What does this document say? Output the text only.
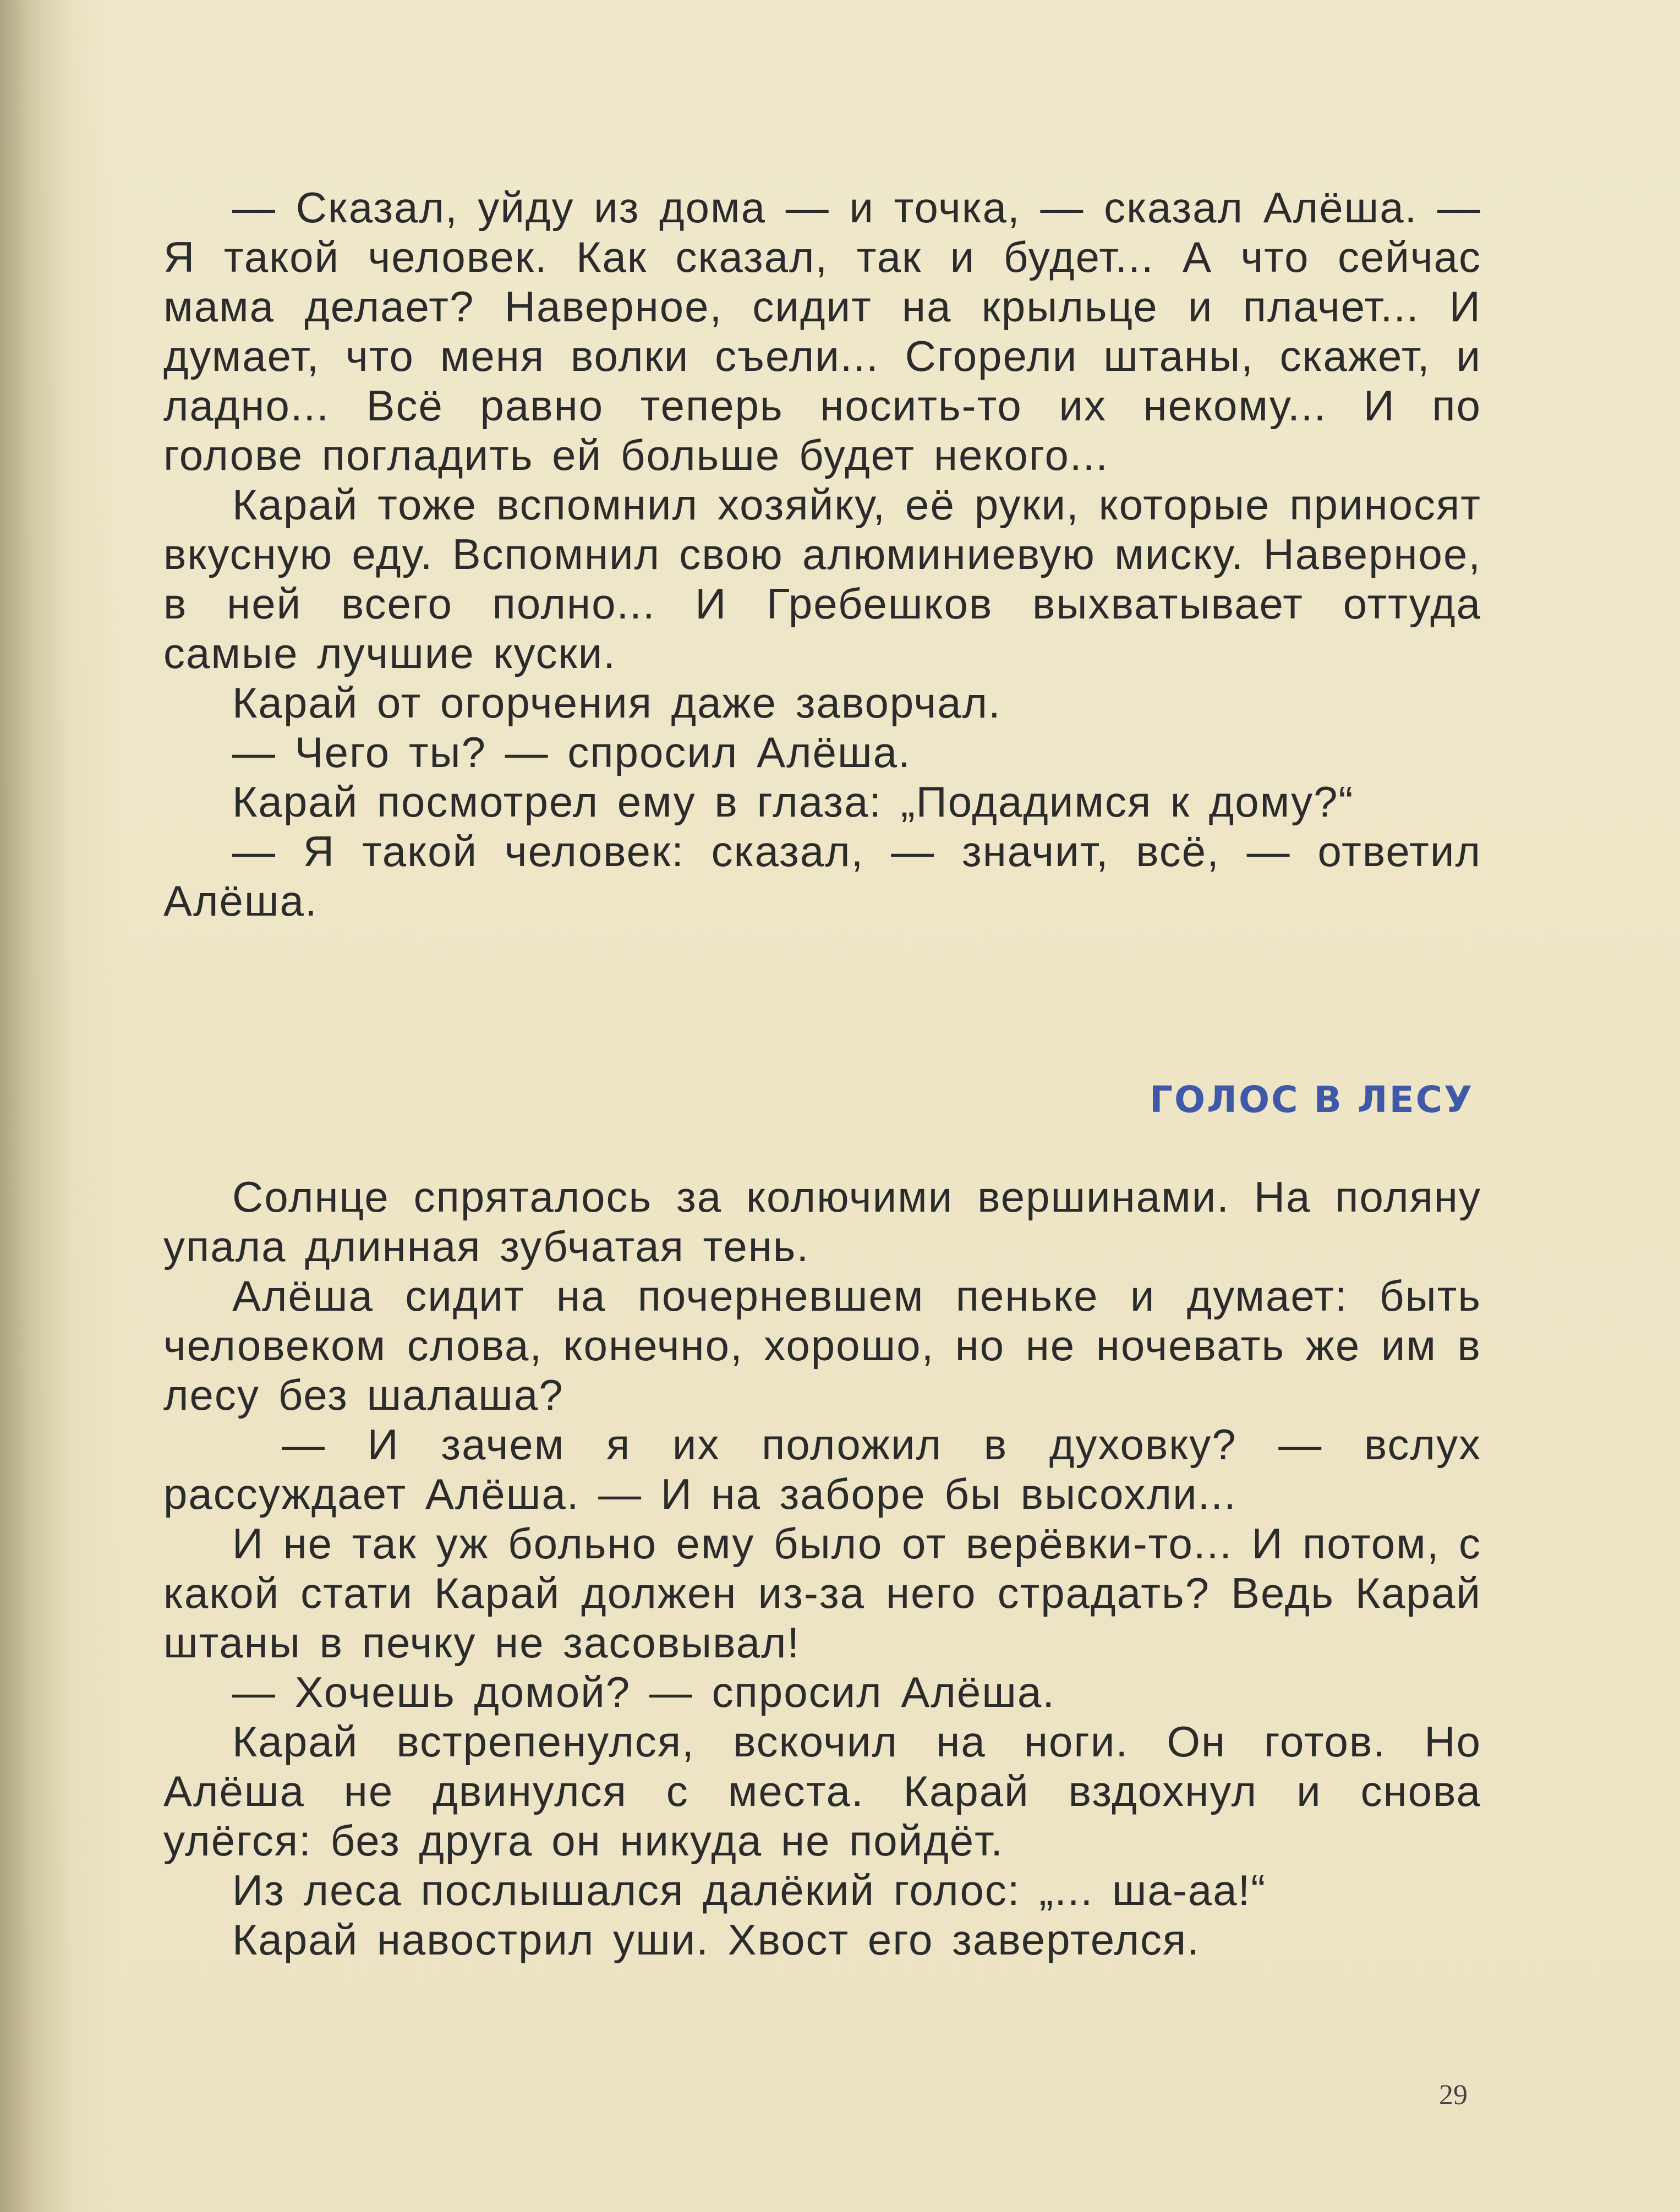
— Сказал, уйду из дома — и точка, — сказал Алёша. — Я такой человек. Как сказал, так и будет... А что сейчас мама делает? Наверное, сидит на крыльце и плачет... И думает, что меня волки съели... Сгорели штаны, скажет, и ладно... Всё равно теперь носить-то их некому... И по голове погладить ей больше будет некого...

Карай тоже вспомнил хозяйку, её руки, которые приносят вкусную еду. Вспомнил свою алюминиевую миску. Наверное, в ней всего полно... И Гребешков выхватывает оттуда самые лучшие куски.

Карай от огорчения даже заворчал.

— Чего ты? — спросил Алёша.

Карай посмотрел ему в глаза: „Подадимся к дому?“

— Я такой человек: сказал, — значит, всё, — ответил Алёша.

ГОЛОС В ЛЕСУ

Солнце спряталось за колючими вершинами. На поляну упала длинная зубчатая тень.

Алёша сидит на почерневшем пеньке и думает: быть человеком слова, конечно, хорошо, но не ночевать же им в лесу без шалаша?

— И зачем я их положил в духовку? — вслух рассуждает Алёша. — И на заборе бы высохли...

И не так уж больно ему было от верёвки-то... И потом, с какой стати Карай должен из-за него страдать? Ведь Карай штаны в печку не засовывал!

— Хочешь домой? — спросил Алёша.

Карай встрепенулся, вскочил на ноги. Он готов. Но Алёша не двинулся с места. Карай вздохнул и снова улёгся: без друга он никуда не пойдёт.

Из леса послышался далёкий голос: „... ша-аа!“

Карай навострил уши. Хвост его завертелся.

29
